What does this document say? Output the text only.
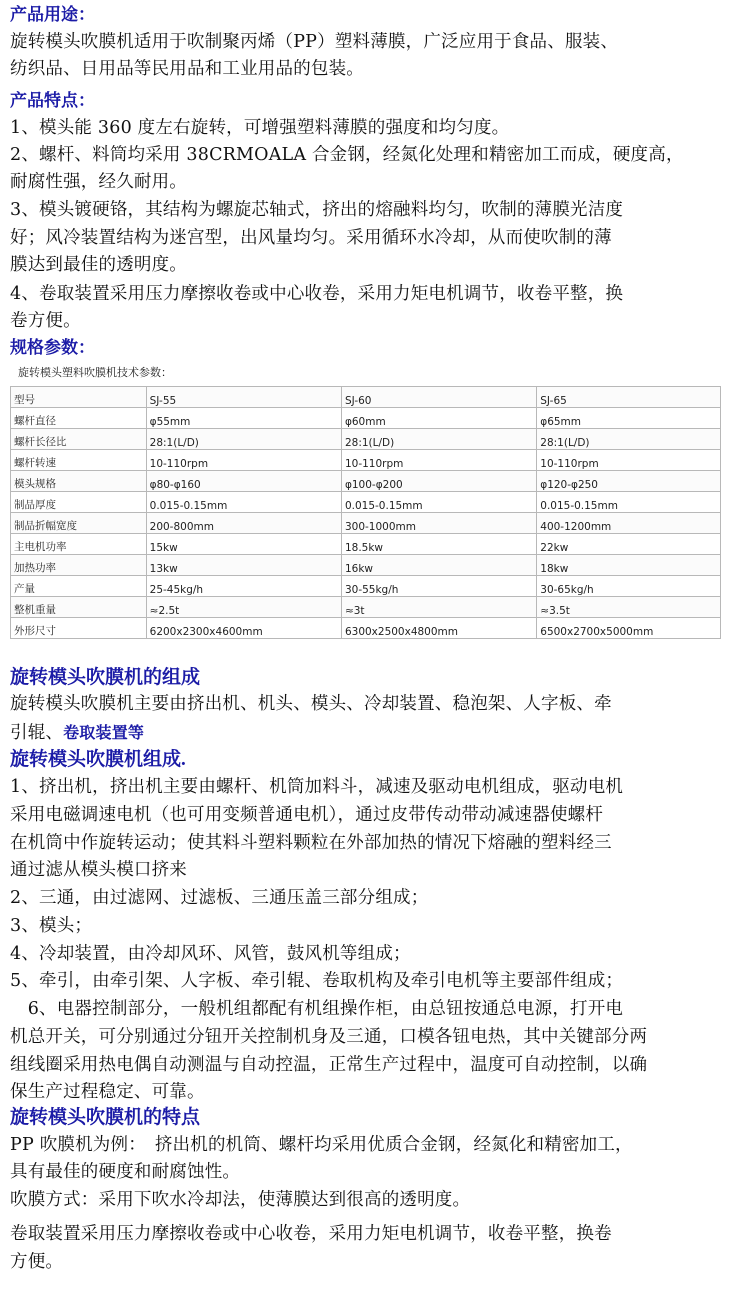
产品用途：
旋转模头吹膜机适用于吹制聚丙烯（PP）塑料薄膜，广泛应用于食品、服装、
纺织品、日用品等民用品和工业用品的包装。
产品特点：
1、模头能 360 度左右旋转，可增强塑料薄膜的强度和均匀度。
2、螺杆、料筒均采用 38CRMOALA 合金钢，经氮化处理和精密加工而成，硬度高，
耐腐性强，经久耐用。
3、模头镀硬铬，其结构为螺旋芯轴式，挤出的熔融料均匀，吹制的薄膜光洁度
好；风冷装置结构为迷宫型，出风量均匀。采用循环水冷却，从而使吹制的薄
膜达到最佳的透明度。
4、卷取装置采用压力摩擦收卷或中心收卷，采用力矩电机调节，收卷平整，换
卷方便。
规格参数：
旋转模头塑料吹膜机技术参数：
型号	SJ-55	SJ-60	SJ-65
螺杆直径	φ55mm	φ60mm	φ65mm
螺杆长径比	28:1(L/D)	28:1(L/D)	28:1(L/D)
螺杆转速	10-110rpm	10-110rpm	10-110rpm
模头规格	φ80-φ160	φ100-φ200	φ120-φ250
制品厚度	0.015-0.15mm	0.015-0.15mm	0.015-0.15mm
制品折幅宽度	200-800mm	300-1000mm	400-1200mm
主电机功率	15kw	18.5kw	22kw
加热功率	13kw	16kw	18kw
产量	25-45kg/h	30-55kg/h	30-65kg/h
整机重量	≈2.5t	≈3t	≈3.5t
外形尺寸	6200x2300x4600mm	6300x2500x4800mm	6500x2700x5000mm
旋转模头吹膜机的组成
旋转模头吹膜机主要由挤出机、机头、模头、冷却装置、稳泡架、人字板、牵
引辊、卷取装置等
旋转模头吹膜机组成.
1、挤出机，挤出机主要由螺杆、机筒加料斗，减速及驱动电机组成，驱动电机
采用电磁调速电机（也可用变频普通电机），通过皮带传动带动减速器使螺杆
在机筒中作旋转运动；使其料斗塑料颗粒在外部加热的情况下熔融的塑料经三
通过滤从模头模口挤来
2、三通，由过滤网、过滤板、三通压盖三部分组成；
3、模头；
4、冷却装置，由冷却风环、风管，鼓风机等组成；
5、牵引，由牵引架、人字板、牵引辊、卷取机构及牵引电机等主要部件组成；
　6、电器控制部分，一般机组都配有机组操作柜，由总钮按通总电源，打开电
机总开关，可分别通过分钮开关控制机身及三通，口模各钮电热，其中关键部分两
组线圈采用热电偶自动测温与自动控温，正常生产过程中，温度可自动控制，以确
保生产过程稳定、可靠。
旋转模头吹膜机的特点
PP 吹膜机为例：　挤出机的机筒、螺杆均采用优质合金钢，经氮化和精密加工，
具有最佳的硬度和耐腐蚀性。
吹膜方式：采用下吹水冷却法，使薄膜达到很高的透明度。
卷取装置采用压力摩擦收卷或中心收卷，采用力矩电机调节，收卷平整，换卷
方便。
